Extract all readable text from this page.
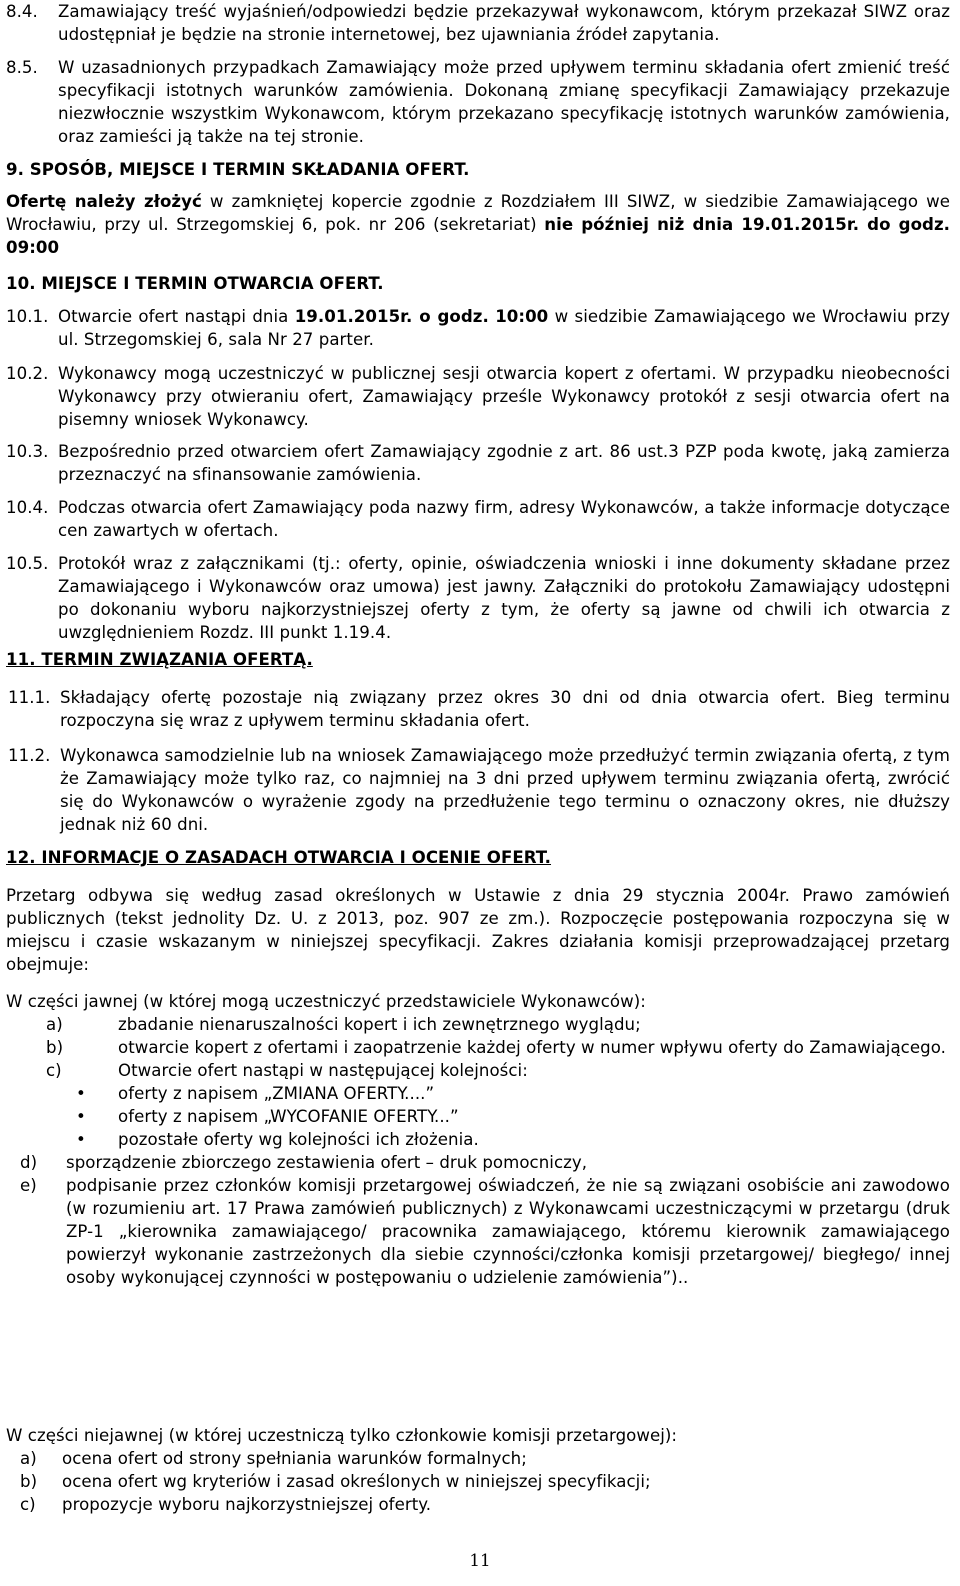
8.4.	Zamawiający treść wyjaśnień/odpowiedzi będzie przekazywał wykonawcom, którym przekazał SIWZ oraz udostępniał je będzie na stronie internetowej, bez ujawniania źródeł zapytania.
8.5.	W uzasadnionych przypadkach Zamawiający może przed upływem terminu składania ofert zmienić treść specyfikacji istotnych warunków zamówienia. Dokonaną zmianę specyfikacji Zamawiający przekazuje niezwłocznie wszystkim Wykonawcom, którym przekazano specyfikację istotnych warunków zamówienia, oraz zamieści ją także na tej stronie.

9. SPOSÓB, MIEJSCE I TERMIN SKŁADANIA OFERT.

Ofertę należy złożyć w zamkniętej kopercie zgodnie z Rozdziałem III SIWZ, w siedzibie Zamawiającego we Wrocławiu, przy ul. Strzegomskiej 6, pok. nr 206 (sekretariat) nie później niż dnia 19.01.2015r. do godz. 09:00

10. MIEJSCE I TERMIN OTWARCIA OFERT.

10.1. Otwarcie ofert nastąpi dnia 19.01.2015r. o godz. 10:00 w siedzibie Zamawiającego we Wrocławiu przy ul. Strzegomskiej 6, sala Nr 27 parter.
10.2. Wykonawcy mogą uczestniczyć w publicznej sesji otwarcia kopert z ofertami. W przypadku nieobecności Wykonawcy przy otwieraniu ofert, Zamawiający prześle Wykonawcy protokół z sesji otwarcia ofert na pisemny wniosek Wykonawcy.
10.3. Bezpośrednio przed otwarciem ofert Zamawiający zgodnie z art. 86 ust.3 PZP poda kwotę, jaką zamierza przeznaczyć na sfinansowanie zamówienia.
10.4. Podczas otwarcia ofert Zamawiający poda nazwy firm, adresy Wykonawców, a także informacje dotyczące cen zawartych w ofertach.
10.5. Protokół wraz z załącznikami (tj.: oferty, opinie, oświadczenia wnioski i inne dokumenty składane przez Zamawiającego i Wykonawców oraz umowa) jest jawny. Załączniki do protokołu Zamawiający udostępni po dokonaniu wyboru najkorzystniejszej oferty z tym, że oferty są jawne od chwili ich otwarcia z uwzględnieniem Rozdz. III punkt 1.19.4.

11. TERMIN ZWIĄZANIA OFERTĄ.

11.1. Składający ofertę pozostaje nią związany przez okres 30 dni od dnia otwarcia ofert. Bieg terminu rozpoczyna się wraz z upływem terminu składania ofert.
11.2. Wykonawca samodzielnie lub na wniosek Zamawiającego może przedłużyć termin związania ofertą, z tym że Zamawiający może tylko raz, co najmniej na 3 dni przed upływem terminu związania ofertą, zwrócić się do Wykonawców o wyrażenie zgody na przedłużenie tego terminu o oznaczony okres, nie dłuższy jednak niż 60 dni.

12. INFORMACJE O ZASADACH OTWARCIA I OCENIE OFERT.

Przetarg odbywa się według zasad określonych w Ustawie z dnia 29 stycznia 2004r. Prawo zamówień publicznych (tekst jednolity Dz. U. z 2013, poz. 907 ze zm.). Rozpoczęcie postępowania rozpoczyna się w miejscu i czasie wskazanym w niniejszej specyfikacji. Zakres działania komisji przeprowadzającej przetarg obejmuje:

W części jawnej (w której mogą uczestniczyć przedstawiciele Wykonawców):

a)	zbadanie nienaruszalności kopert i ich zewnętrznego wyglądu;
b)	otwarcie kopert z ofertami i zaopatrzenie każdej oferty w numer wpływu oferty do Zamawiającego.
c)	Otwarcie ofert nastąpi w następującej kolejności:
•	oferty z napisem „ZMIANA OFERTY....”
•	oferty z napisem „WYCOFANIE OFERTY...”
•	pozostałe oferty wg kolejności ich złożenia.
d)	sporządzenie zbiorczego zestawienia ofert – druk pomocniczy,
e)	podpisanie przez członków komisji przetargowej oświadczeń, że nie są związani osobiście ani zawodowo (w rozumieniu art. 17 Prawa zamówień publicznych) z Wykonawcami uczestniczącymi w przetargu (druk ZP-1 „kierownika zamawiającego/ pracownika zamawiającego, któremu kierownik zamawiającego powierzył wykonanie zastrzeżonych dla siebie czynności/członka komisji przetargowej/ biegłego/ innej osoby wykonującej czynności w postępowaniu o udzielenie zamówienia”)..

W części niejawnej (w której uczestniczą tylko członkowie komisji przetargowej):

a)	ocena ofert od strony spełniania warunków formalnych;
b)	ocena ofert wg kryteriów i zasad określonych w niniejszej specyfikacji;
c)	propozycje wyboru najkorzystniejszej oferty.
11
